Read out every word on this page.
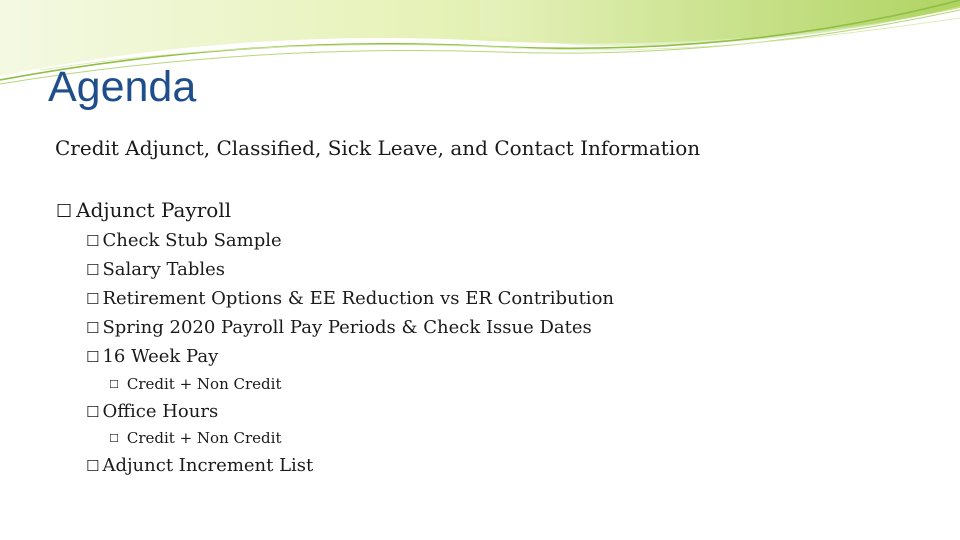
Agenda
Credit Adjunct, Classified, Sick Leave, and Contact Information
☐ Adjunct Payroll
☐ Check Stub Sample
☐ Salary Tables
☐ Retirement Options & EE Reduction vs ER Contribution
☐ Spring 2020 Payroll Pay Periods & Check Issue Dates
☐ 16 Week Pay
☐ Credit + Non Credit
☐ Office Hours
☐ Credit + Non Credit
☐ Adjunct Increment List
